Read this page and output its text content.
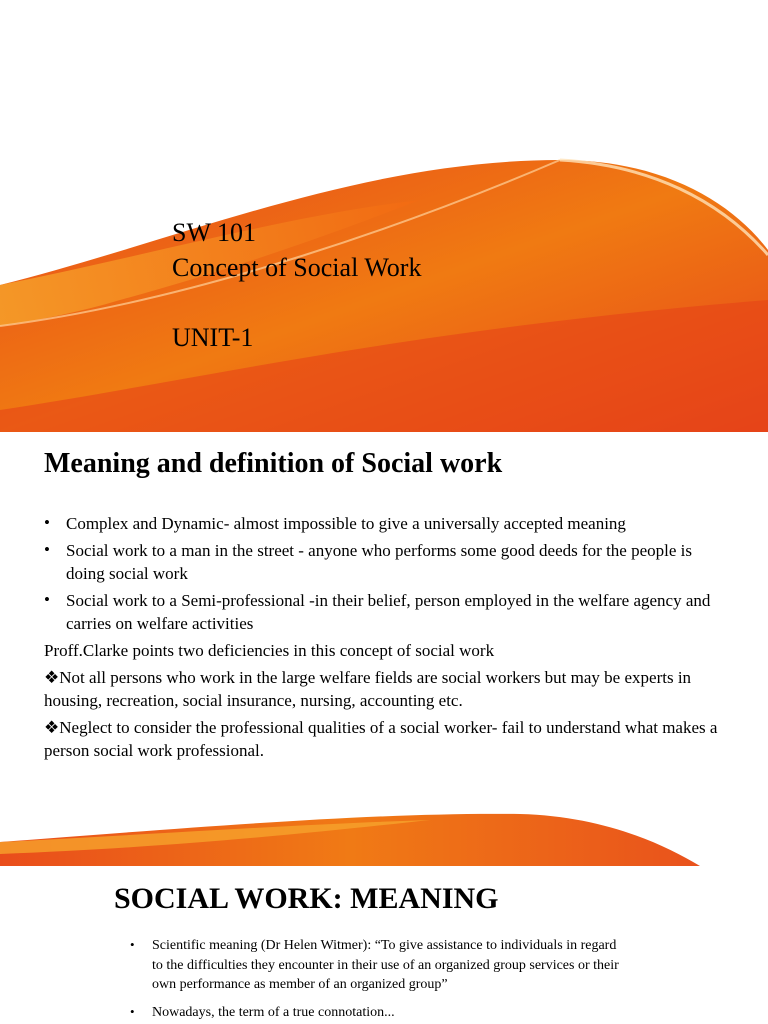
SW 101
Concept of Social Work
UNIT-1
Meaning and definition of Social work
• Complex and Dynamic- almost impossible to give a universally accepted meaning
• Social work to a man in the street - anyone who performs some good deeds for the people is doing social work
• Social work to a Semi-professional -in their belief, person employed in the welfare agency and carries on welfare activities
Proff.Clarke points two deficiencies in this concept of social work
❖Not all persons who work in the large welfare fields are social workers but may be experts in housing, recreation, social insurance, nursing, accounting etc.
❖Neglect to consider the professional qualities of a social worker- fail to understand what makes a person social work professional.
SOCIAL WORK: MEANING
• Scientific meaning (Dr Helen Witmer): “To give assistance to individuals in regard to the difficulties they encounter in their use of an organized group services or their own performance as member of an organized group”
• Nowadays, the term of a true connotation...
